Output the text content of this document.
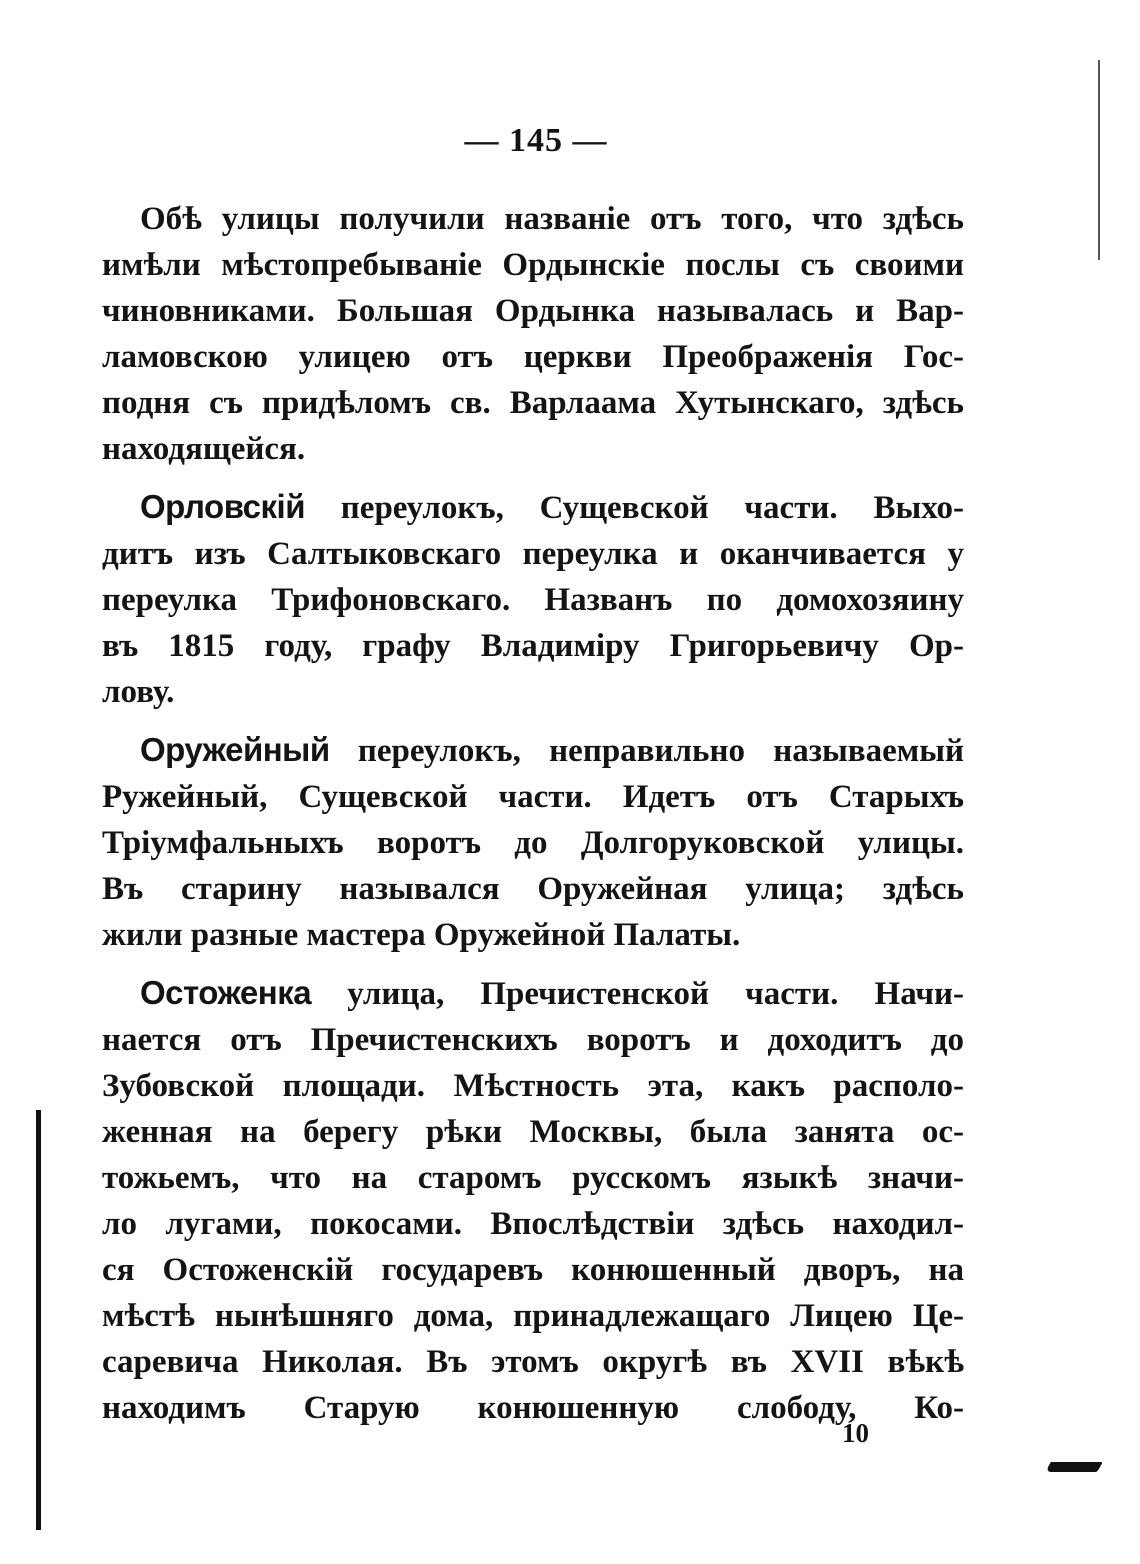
— 145 —

Обѣ улицы получили названіе отъ того, что здѣсь
имѣли мѣстопребываніе Ордынскіе послы съ своими
чиновниками. Большая Ордынка называлась и Вар-
ламовскою улицею отъ церкви Преображенія Гос-
подня съ придѣломъ св. Варлаама Хутынскаго, здѣсь
находящейся.

Орловскій переулокъ, Сущевской части. Выхо-
дитъ изъ Салтыковскаго переулка и оканчивается у
переулка Трифоновскаго. Названъ по домохозяину
въ 1815 году, графу Владиміру Григорьевичу Ор-
лову.

Оружейный переулокъ, неправильно называемый
Ружейный, Сущевской части. Идетъ отъ Старыхъ
Тріумфальныхъ воротъ до Долгоруковской улицы.
Въ старину назывался Оружейная улица; здѣсь
жили разные мастера Оружейной Палаты.

Остоженка улица, Пречистенской части. Начи-
нается отъ Пречистенскихъ воротъ и доходитъ до
Зубовской площади. Мѣстность эта, какъ располо-
женная на берегу рѣки Москвы, была занята ос-
тожьемъ, что на старомъ русскомъ языкѣ значи-
ло лугами, покосами. Впослѣдствіи здѣсь находил-
ся Остоженскій государевъ конюшенный дворъ, на
мѣстѣ нынѣшняго дома, принадлежащаго Лицею Це-
саревича Николая. Въ этомъ округѣ въ XVII вѣкѣ
находимъ Старую конюшенную слободу, Ко-

10
